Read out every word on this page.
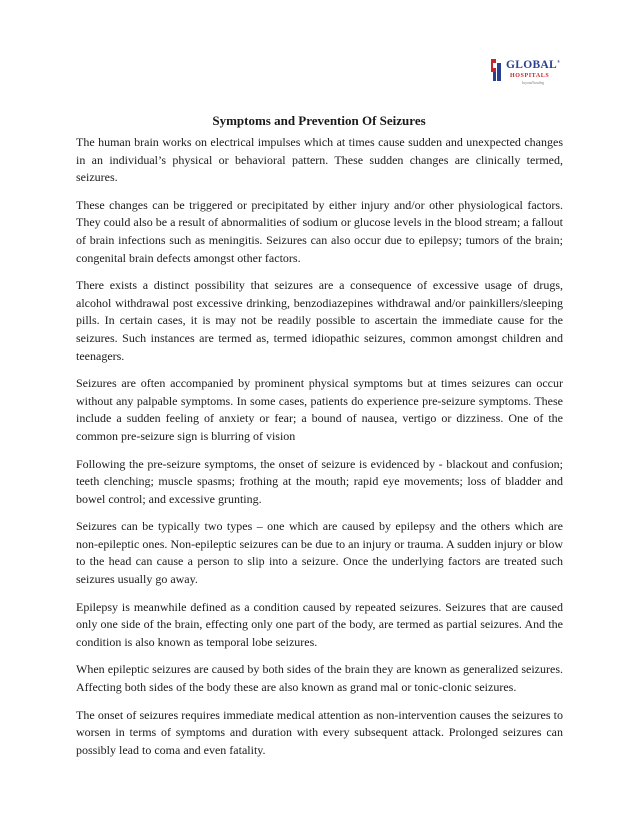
GLOBAL®
HOSPITALS
beyond healing
Symptoms and Prevention Of Seizures

The human brain works on electrical impulses which at times cause sudden and unexpected changes in an individual’s physical or behavioral pattern. These sudden changes are clinically termed, seizures.

These changes can be triggered or precipitated by either injury and/or other physiological factors. They could also be a result of abnormalities of sodium or glucose levels in the blood stream; a fallout of brain infections such as meningitis. Seizures can also occur due to epilepsy; tumors of the brain; congenital brain defects amongst other factors.

There exists a distinct possibility that seizures are a consequence of excessive usage of drugs, alcohol withdrawal post excessive drinking, benzodiazepines withdrawal and/or painkillers/sleeping pills. In certain cases, it is may not be readily possible to ascertain the immediate cause for the seizures. Such instances are termed as, termed idiopathic seizures, common amongst children and teenagers.

Seizures are often accompanied by prominent physical symptoms but at times seizures can occur without any palpable symptoms. In some cases, patients do experience pre-seizure symptoms. These include a sudden feeling of anxiety or fear; a bound of nausea, vertigo or dizziness. One of the common pre-seizure sign is blurring of vision

Following the pre-seizure symptoms, the onset of seizure is evidenced by - blackout and confusion; teeth clenching; muscle spasms; frothing at the mouth; rapid eye movements; loss of bladder and bowel control; and excessive grunting.

Seizures can be typically two types – one which are caused by epilepsy and the others which are non-epileptic ones. Non-epileptic seizures can be due to an injury or trauma. A sudden injury or blow to the head can cause a person to slip into a seizure. Once the underlying factors are treated such seizures usually go away.

Epilepsy is meanwhile defined as a condition caused by repeated seizures. Seizures that are caused only one side of the brain, effecting only one part of the body, are termed as partial seizures. And the condition is also known as temporal lobe seizures.

When epileptic seizures are caused by both sides of the brain they are known as generalized seizures. Affecting both sides of the body these are also known as grand mal or tonic-clonic seizures.

The onset of seizures requires immediate medical attention as non-intervention causes the seizures to worsen in terms of symptoms and duration with every subsequent attack. Prolonged seizures can possibly lead to coma and even fatality.
